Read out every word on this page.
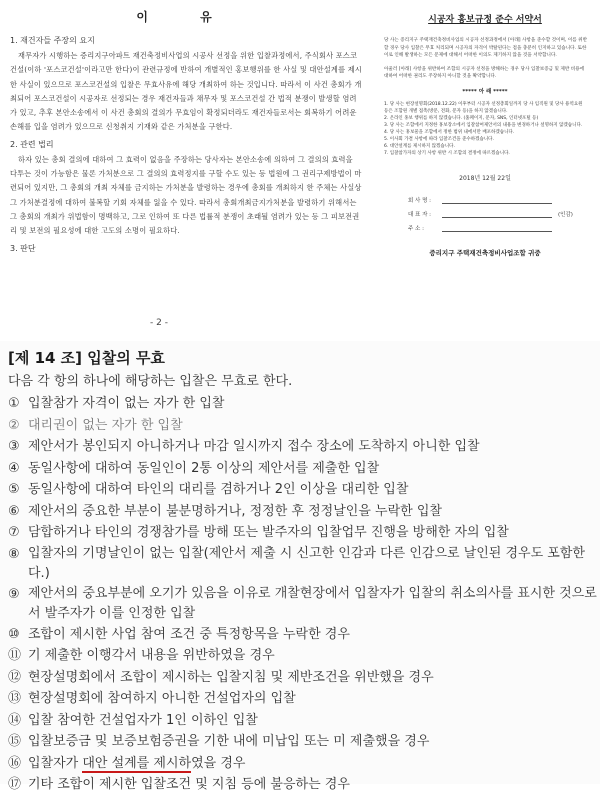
이 유
1. 재건자들 주장의 요지

재무자가 시행하는 증리지구아파트 재건축정비사업의 시공사 선정을 위한 입찰과정에서, 주식회사 포스코건설(이하 '포스코건설'이라고만 한다)이 관련규정에 반하여 개별적인 홍보행위를 한 사실 및 대안설계를 제시한 사실이 있으므로 포스코건설의 입찰은 무효사유에 해당 개최하여 하는 것입니다. 따라서 이 사건 총회가 개최되어 포스코건설이 시공자로 선정되는 경우 재건자들과 채무자 및 포스코건설 간 법적 분쟁이 발생할 염려가 있고, 추후 본안소송에서 이 사건 총회의 결의가 무효임이 확정되더라도 재건자들로서는 회복하기 어려운 손해를 입을 염려가 있으므로 신청취지 기재와 같은 가처분을 구한다.

2. 관련 법리

하자 있는 총회 결의에 대하여 그 효력이 없음을 주장하는 당사자는 본안소송에 의하여 그 결의의 효력을 다투는 것이 가능함은 물론 가처분으로 그 결의의 효력정지를 구할 수도 있는 등 법원에 그 권리구제방법이 마련되어 있지만, 그 총회의 개최 자체를 금지하는 가처분을 발령하는 경우에 총회를 개최하지 한 주체는 사실상 그 가처분결정에 대하여 불복할 기회 자체를 잃을 수 있다. 따라서 총회개최금지가처분을 발령하기 위해서는 그 총회의 개최가 위법함이 명백하고, 그로 인하여 또 다른 법률적 분쟁이 초래될 염려가 있는 등 그 피보전권리 및 보전의 필요성에 대한 고도의 소명이 필요하다.

3. 판단
- 2 -
시공자 홍보규정 준수 서약서

당 사는 증리지구 주택재건축정비사업의 시공자 선정과정에서 [아래] 사항을 준수할 것이며, 이를 위반할 경우 당사 입찰은 무효 처리되며 시공자의 자격이 박탈된다는 점을 충분히 인지하고 있습니다. 또한 이로 인해 발생하는 모든 문제에 대해서 어떠한 이의도 제기하지 않을 것을 서약합니다.

아울러 [아래] 사항을 위반하여 조합의 시공자 선정을 방해하는 경우 당사 입찰보증금 및 제반 비용에 대하여 어떠한 권리도 주장하지 아니할 것을 확약합니다.

***** 아 래 *****
1. 당 사는 현장설명회(2018.12.22) 이후부터 시공자 선정총회일까지 당 사 임직원 및 당사 용역요원 등은 조합원 개별 접촉(방문, 전화, 문자 등)을 하지 않겠습니다.
2. 온라인 홍보 행위를 하지 않겠습니다. (홈페이지, 문자, SNS, 인터넷포털 등)
3. 당 사는 조합에서 지정한 홍보장소에서 입찰참여제안서의 내용을 변경하거나 설명하지 않겠습니다.
4. 당 사는 홍보물을 조합에서 정한 범위 내에서만 배포하겠습니다.
5. 이사회 가결 사항에 따라 입찰조건을 준수하겠습니다.
6. 대안설계를 제시하지 않겠습니다.
7. 입찰참가자의 상기 사항 위반 시 조합의 결정에 따르겠습니다.
2018년 12월 22일
회 사 명 :
대 표 자 :	(인감)
주 소 :
증리지구 주택재건축정비사업조합 귀중
[제 14 조] 입찰의 무효

다음 각 항의 하나에 해당하는 입찰은 무효로 한다.

① 입찰참가 자격이 없는 자가 한 입찰
② 대리권이 없는 자가 한 입찰
③ 제안서가 봉인되지 아니하거나 마감 일시까지 접수 장소에 도착하지 아니한 입찰
④ 동일사항에 대하여 동일인이 2통 이상의 제안서를 제출한 입찰
⑤ 동일사항에 대하여 타인의 대리를 겸하거나 2인 이상을 대리한 입찰
⑥ 제안서의 중요한 부분이 불분명하거나, 정정한 후 정정날인을 누락한 입찰
⑦ 담합하거나 타인의 경쟁참가를 방해 또는 발주자의 입찰업무 진행을 방해한 자의 입찰
⑧ 입찰자의 기명날인이 없는 입찰(제안서 제출 시 신고한 인감과 다른 인감으로 날인된 경우도 포함한다.)
⑨ 제안서의 중요부분에 오기가 있음을 이유로 개찰현장에서 입찰자가 입찰의 취소의사를 표시한 것으로서 발주자가 이를 인정한 입찰
⑩ 조합이 제시한 사업 참여 조건 중 특정항목을 누락한 경우
⑪ 기 제출한 이행각서 내용을 위반하였을 경우
⑫ 현장설명회에서 조합이 제시하는 입찰지침 및 제반조건을 위반했을 경우
⑬ 현장설명회에 참여하지 아니한 건설업자의 입찰
⑭ 입찰 참여한 건설업자가 1인 이하인 입찰
⑮ 입찰보증금 및 보증보험증권을 기한 내에 미납입 또는 미 제출했을 경우
⑯ 입찰자가 대안 설계를 제시하였을 경우
⑰ 기타 조합이 제시한 입찰조건 및 지침 등에 불응하는 경우
